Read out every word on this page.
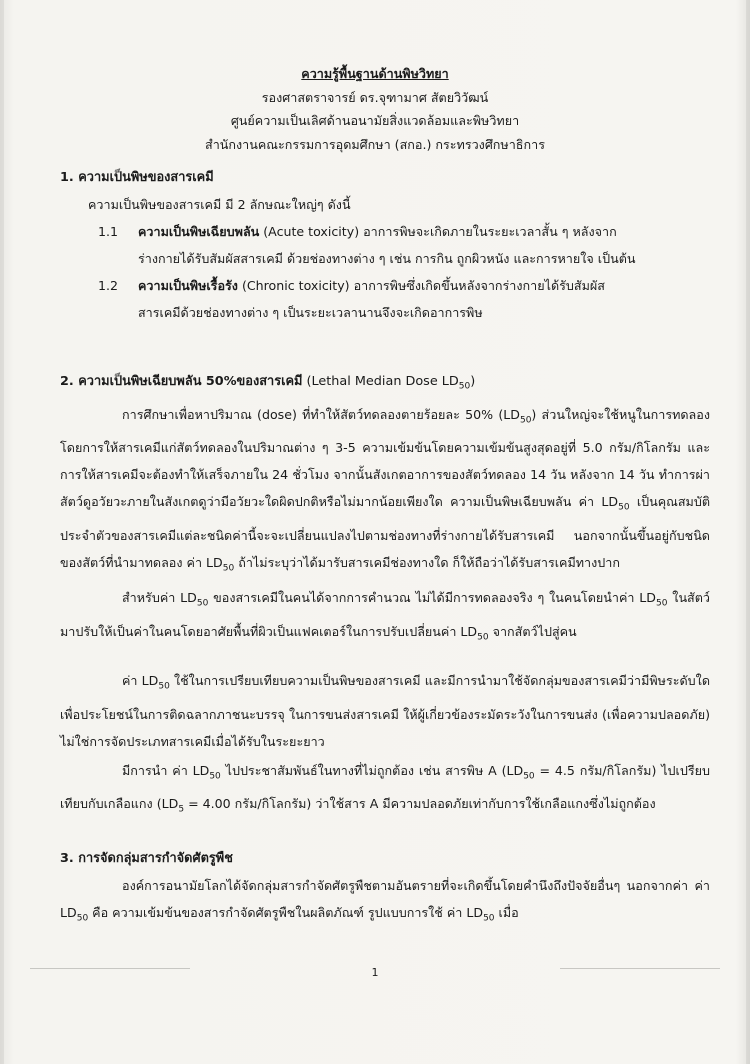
ความรู้พื้นฐานด้านพิษวิทยา
รองศาสตราจารย์ ดร.จุฑามาศ สัตยวิวัฒน์
ศูนย์ความเป็นเลิศด้านอนามัยสิ่งแวดล้อมและพิษวิทยา
สำนักงานคณะกรรมการอุดมศึกษา (สกอ.) กระทรวงศึกษาธิการ

1. ความเป็นพิษของสารเคมี

ความเป็นพิษของสารเคมี มี 2 ลักษณะใหญ่ๆ ดังนี้

1.1	ความเป็นพิษเฉียบพลัน (Acute toxicity) อาการพิษจะเกิดภายในระยะเวลาสั้น ๆ หลังจาก

ร่างกายได้รับสัมผัสสารเคมี ด้วยช่องทางต่าง ๆ เช่น การกิน ถูกผิวหนัง และการหายใจ เป็นต้น

1.2	ความเป็นพิษเรื้อรัง (Chronic toxicity) อาการพิษซึ่งเกิดขึ้นหลังจากร่างกายได้รับสัมผัส

สารเคมีด้วยช่องทางต่าง ๆ เป็นระยะเวลานานจึงจะเกิดอาการพิษ

2. ความเป็นพิษเฉียบพลัน 50%ของสารเคมี (Lethal Median Dose $LD_{50}$)

การศึกษาเพื่อหาปริมาณ (dose) ที่ทำให้สัตว์ทดลองตายร้อยละ 50% $(LD_{50})$ ส่วนใหญ่จะใช้หนูในการทดลองโดยการให้สารเคมีแก่สัตว์ทดลองในปริมาณต่าง ๆ 3-5 ความเข้มข้นโดยความเข้มข้นสูงสุดอยู่ที่ 5.0 กรัม/กิโลกรัม และการให้สารเคมีจะต้องทำให้เสร็จภายใน 24 ชั่วโมง จากนั้นสังเกตอาการของสัตว์ทดลอง 14 วัน หลังจาก 14 วัน ทำการผ่าสัตว์ดูอวัยวะภายในสังเกตดูว่ามีอวัยวะใดผิดปกติหรือไม่มากน้อยเพียงใด ความเป็นพิษเฉียบพลัน ค่า $LD_{50}$ เป็นคุณสมบัติประจำตัวของสารเคมีแต่ละชนิดค่านี้จะจะเปลี่ยนแปลงไปตามช่องทางที่ร่างกายได้รับสารเคมี นอกจากนั้นขึ้นอยู่กับชนิดของสัตว์ที่นำมาทดลอง ค่า $LD_{50}$ ถ้าไม่ระบุว่าได้มารับสารเคมีช่องทางใด ก็ให้ถือว่าได้รับสารเคมีทางปาก

สำหรับค่า $LD_{50}$ ของสารเคมีในคนได้จากการคำนวณ ไม่ได้มีการทดลองจริง ๆ ในคนโดยนำค่า $LD_{50}$ ในสัตว์ มาปรับให้เป็นค่าในคนโดยอาศัยพื้นที่ผิวเป็นแฟคเตอร์ในการปรับเปลี่ยนค่า $LD_{50}$ จากสัตว์ไปสู่คน

ค่า $LD_{50}$ ใช้ในการเปรียบเทียบความเป็นพิษของสารเคมี และมีการนำมาใช้จัดกลุ่มของสารเคมีว่ามีพิษระดับใดเพื่อประโยชน์ในการติดฉลากภาชนะบรรจุ ในการขนส่งสารเคมี ให้ผู้เกี่ยวข้องระมัดระวังในการขนส่ง (เพื่อความปลอดภัย) ไม่ใช่การจัดประเภทสารเคมีเมื่อได้รับในระยะยาว

มีการนำ ค่า $LD_{50}$ ไปประชาสัมพันธ์ในทางที่ไม่ถูกต้อง เช่น สารพิษ A ($LD_{50} = 4.5$ กรัม/กิโลกรัม) ไปเปรียบเทียบกับเกลือแกง ($LD_5 = 4.00$ กรัม/กิโลกรัม) ว่าใช้สาร A มีความปลอดภัยเท่ากับการใช้เกลือแกงซึ่งไม่ถูกต้อง

3. การจัดกลุ่มสารกำจัดศัตรูพืช

องค์การอนามัยโลกได้จัดกลุ่มสารกำจัดศัตรูพืชตามอันตรายที่จะเกิดขึ้นโดยคำนึงถึงปัจจัยอื่นๆ นอกจากค่า ค่า $LD_{50}$ คือ ความเข้มข้นของสารกำจัดศัตรูพืชในผลิตภัณฑ์ รูปแบบการใช้ ค่า $LD_{50}$ เมื่อ

1
